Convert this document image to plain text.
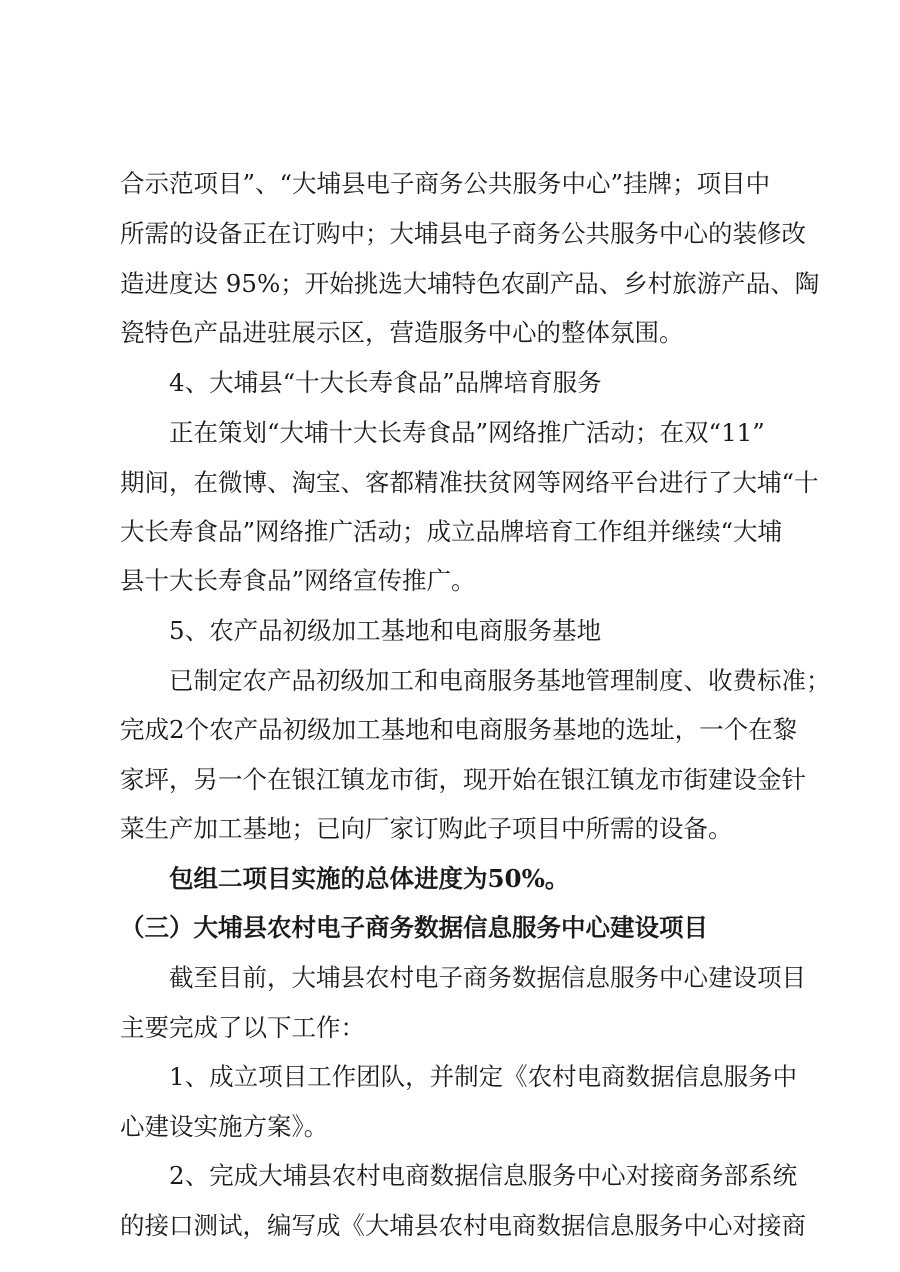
合示范项目”、“大埔县电子商务公共服务中心”挂牌；项目中
所需的设备正在订购中；大埔县电子商务公共服务中心的装修改
造进度达 95%；开始挑选大埔特色农副产品、乡村旅游产品、陶
瓷特色产品进驻展示区，营造服务中心的整体氛围。
4、大埔县“十大长寿食品”品牌培育服务
正在策划“大埔十大长寿食品”网络推广活动；在双“11”
期间，在微博、淘宝、客都精准扶贫网等网络平台进行了大埔“十
大长寿食品”网络推广活动；成立品牌培育工作组并继续“大埔
县十大长寿食品”网络宣传推广。
5、农产品初级加工基地和电商服务基地
已制定农产品初级加工和电商服务基地管理制度、收费标准；
完成2个农产品初级加工基地和电商服务基地的选址，一个在黎
家坪，另一个在银江镇龙市街，现开始在银江镇龙市街建设金针
菜生产加工基地；已向厂家订购此子项目中所需的设备。
包组二项目实施的总体进度为50%。
（三）大埔县农村电子商务数据信息服务中心建设项目
截至目前，大埔县农村电子商务数据信息服务中心建设项目
主要完成了以下工作：
1、成立项目工作团队，并制定《农村电商数据信息服务中
心建设实施方案》。
2、完成大埔县农村电商数据信息服务中心对接商务部系统
的接口测试，编写成《大埔县农村电商数据信息服务中心对接商
